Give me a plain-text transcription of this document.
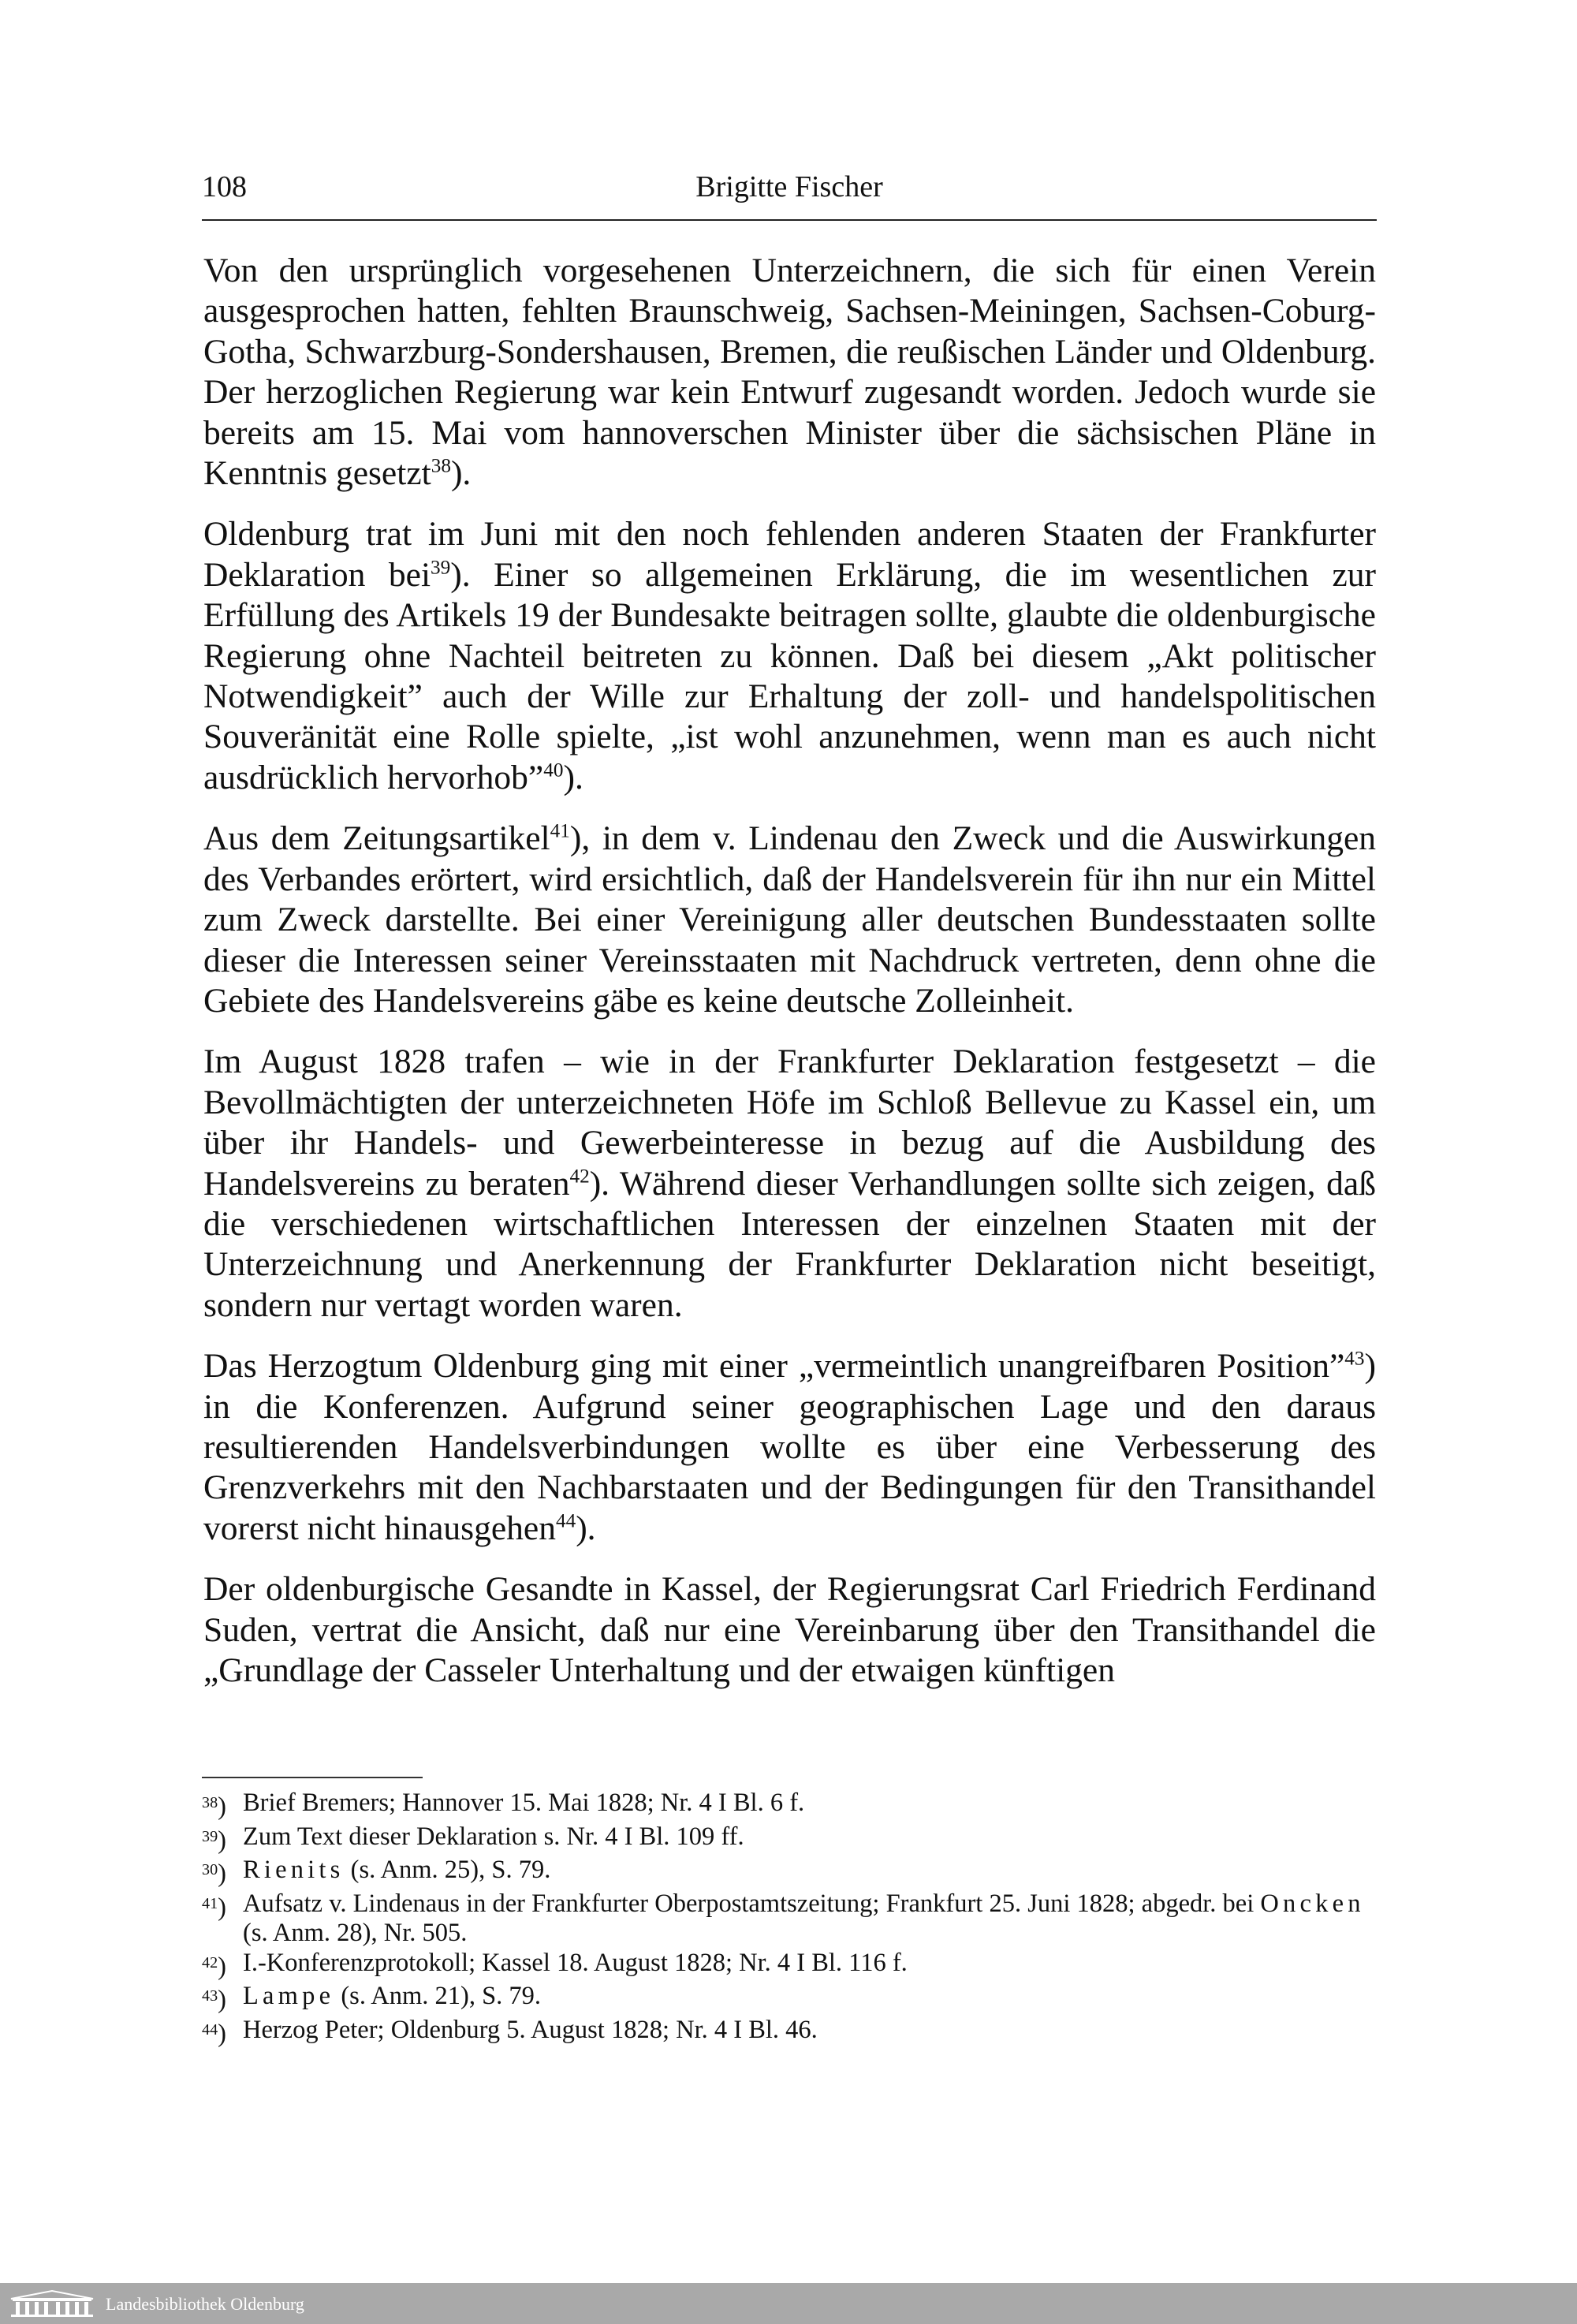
108	Brigitte Fischer

Von den ursprünglich vorgesehenen Unterzeichnern, die sich für einen Verein ausgesprochen hatten, fehlten Braunschweig, Sachsen-Meiningen, Sachsen-Coburg-Gotha, Schwarzburg-Sondershausen, Bremen, die reußischen Länder und Oldenburg. Der herzoglichen Regierung war kein Entwurf zugesandt worden. Jedoch wurde sie bereits am 15. Mai vom hannoverschen Minister über die sächsischen Pläne in Kenntnis gesetzt$^{38}$).

Oldenburg trat im Juni mit den noch fehlenden anderen Staaten der Frankfurter Deklaration bei$^{39}$). Einer so allgemeinen Erklärung, die im wesentlichen zur Erfüllung des Artikels 19 der Bundesakte beitragen sollte, glaubte die oldenburgische Regierung ohne Nachteil beitreten zu können. Daß bei diesem „Akt politischer Notwendigkeit” auch der Wille zur Erhaltung der zoll- und handelspolitischen Souveränität eine Rolle spielte, „ist wohl anzunehmen, wenn man es auch nicht ausdrücklich hervorhob”$^{40}$).

Aus dem Zeitungsartikel$^{41}$), in dem v. Lindenau den Zweck und die Auswirkungen des Verbandes erörtert, wird ersichtlich, daß der Handelsverein für ihn nur ein Mittel zum Zweck darstellte. Bei einer Vereinigung aller deutschen Bundesstaaten sollte dieser die Interessen seiner Vereinsstaaten mit Nachdruck vertreten, denn ohne die Gebiete des Handelsvereins gäbe es keine deutsche Zolleinheit.

Im August 1828 trafen – wie in der Frankfurter Deklaration festgesetzt – die Bevollmächtigten der unterzeichneten Höfe im Schloß Bellevue zu Kassel ein, um über ihr Handels- und Gewerbeinteresse in bezug auf die Ausbildung des Handelsvereins zu beraten$^{42}$). Während dieser Verhandlungen sollte sich zeigen, daß die verschiedenen wirtschaftlichen Interessen der einzelnen Staaten mit der Unterzeichnung und Anerkennung der Frankfurter Deklaration nicht beseitigt, sondern nur vertagt worden waren.

Das Herzogtum Oldenburg ging mit einer „vermeintlich unangreifbaren Position”$^{43}$) in die Konferenzen. Aufgrund seiner geographischen Lage und den daraus resultierenden Handelsverbindungen wollte es über eine Verbesserung des Grenzverkehrs mit den Nachbarstaaten und der Bedingungen für den Transithandel vorerst nicht hinausgehen$^{44}$).

Der oldenburgische Gesandte in Kassel, der Regierungsrat Carl Friedrich Ferdinand Suden, vertrat die Ansicht, daß nur eine Vereinbarung über den Transithandel die „Grundlage der Casseler Unterhaltung und der etwaigen künftigen

$^{38}$) Brief Bremers; Hannover 15. Mai 1828; Nr. 4 I Bl. 6 f.
$^{39}$) Zum Text dieser Deklaration s. Nr. 4 I Bl. 109 ff.
$^{30}$) Rienits (s. Anm. 25), S. 79.
$^{41}$) Aufsatz v. Lindenaus in der Frankfurter Oberpostamtszeitung; Frankfurt 25. Juni 1828; abgedr. bei Oncken (s. Anm. 28), Nr. 505.
$^{42}$) I.-Konferenzprotokoll; Kassel 18. August 1828; Nr. 4 I Bl. 116 f.
$^{43}$) Lampe (s. Anm. 21), S. 79.
$^{44}$) Herzog Peter; Oldenburg 5. August 1828; Nr. 4 I Bl. 46.
Landesbibliothek Oldenburg
